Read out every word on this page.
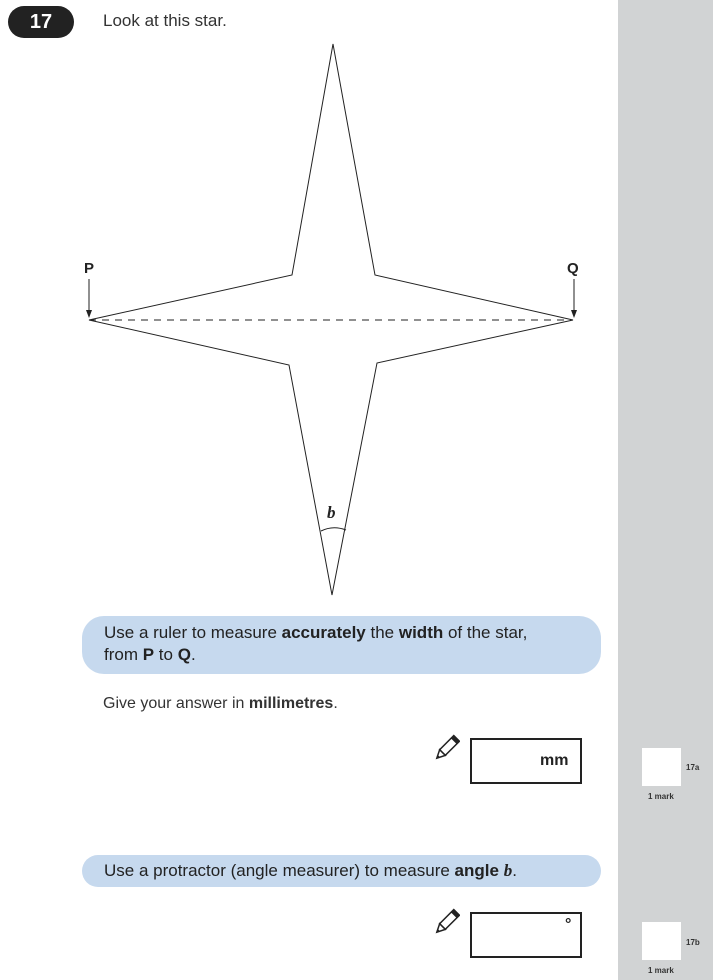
17	Look at this star.
P	Q
b
Use a ruler to measure accurately the width of the star,
from P to Q.
Give your answer in millimetres.
mm	17a
1 mark
Use a protractor (angle measurer) to measure angle b.
°
17b
1 mark
